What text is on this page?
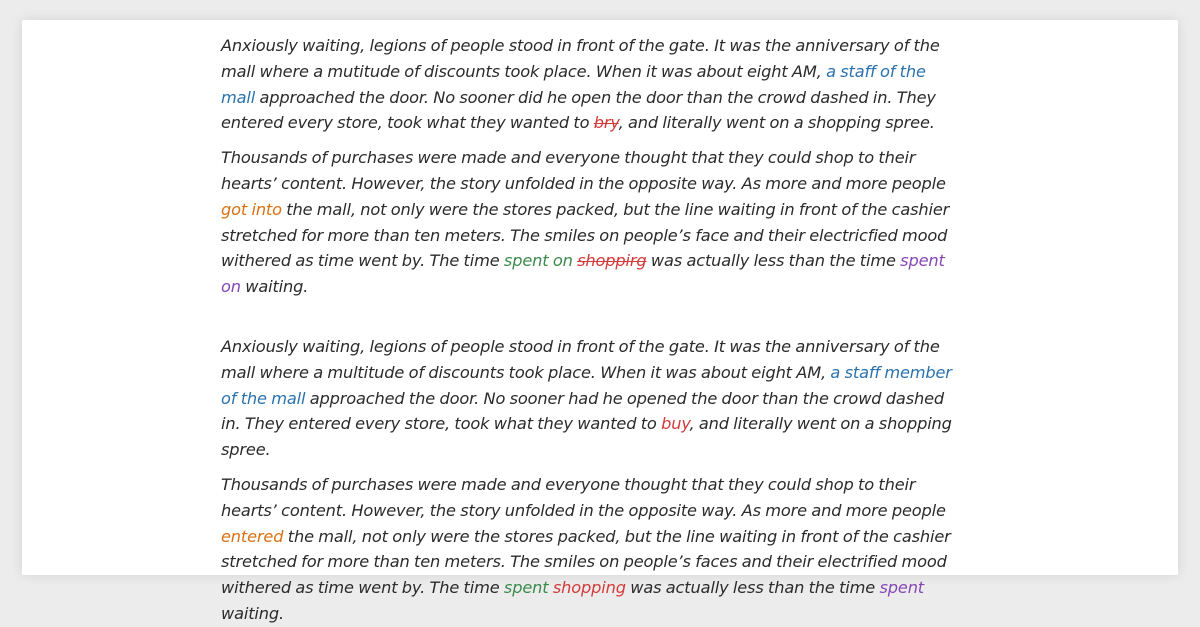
Anxiously waiting, legions of people stood in front of the gate. It was the anniversary of the mall where a mutitude of discounts took place. When it was about eight AM, a staff of the mall approached the door. No sooner did he open the door than the crowd dashed in. They entered every store, took what they wanted to bry, and literally went on a shopping spree.

Thousands of purchases were made and everyone thought that they could shop to their hearts’ content. However, the story unfolded in the opposite way. As more and more people got into the mall, not only were the stores packed, but the line waiting in front of the cashier stretched for more than ten meters. The smiles on people’s face and their electricfied mood withered as time went by. The time spent on shoppirg was actually less than the time spent on waiting.

Anxiously waiting, legions of people stood in front of the gate. It was the anniversary of the mall where a multitude of discounts took place. When it was about eight AM, a staff member of the mall approached the door. No sooner had he opened the door than the crowd dashed in. They entered every store, took what they wanted to buy, and literally went on a shopping spree.

Thousands of purchases were made and everyone thought that they could shop to their hearts’ content. However, the story unfolded in the opposite way. As more and more people entered the mall, not only were the stores packed, but the line waiting in front of the cashier stretched for more than ten meters. The smiles on people’s faces and their electrified mood withered as time went by. The time spent shopping was actually less than the time spent waiting.
